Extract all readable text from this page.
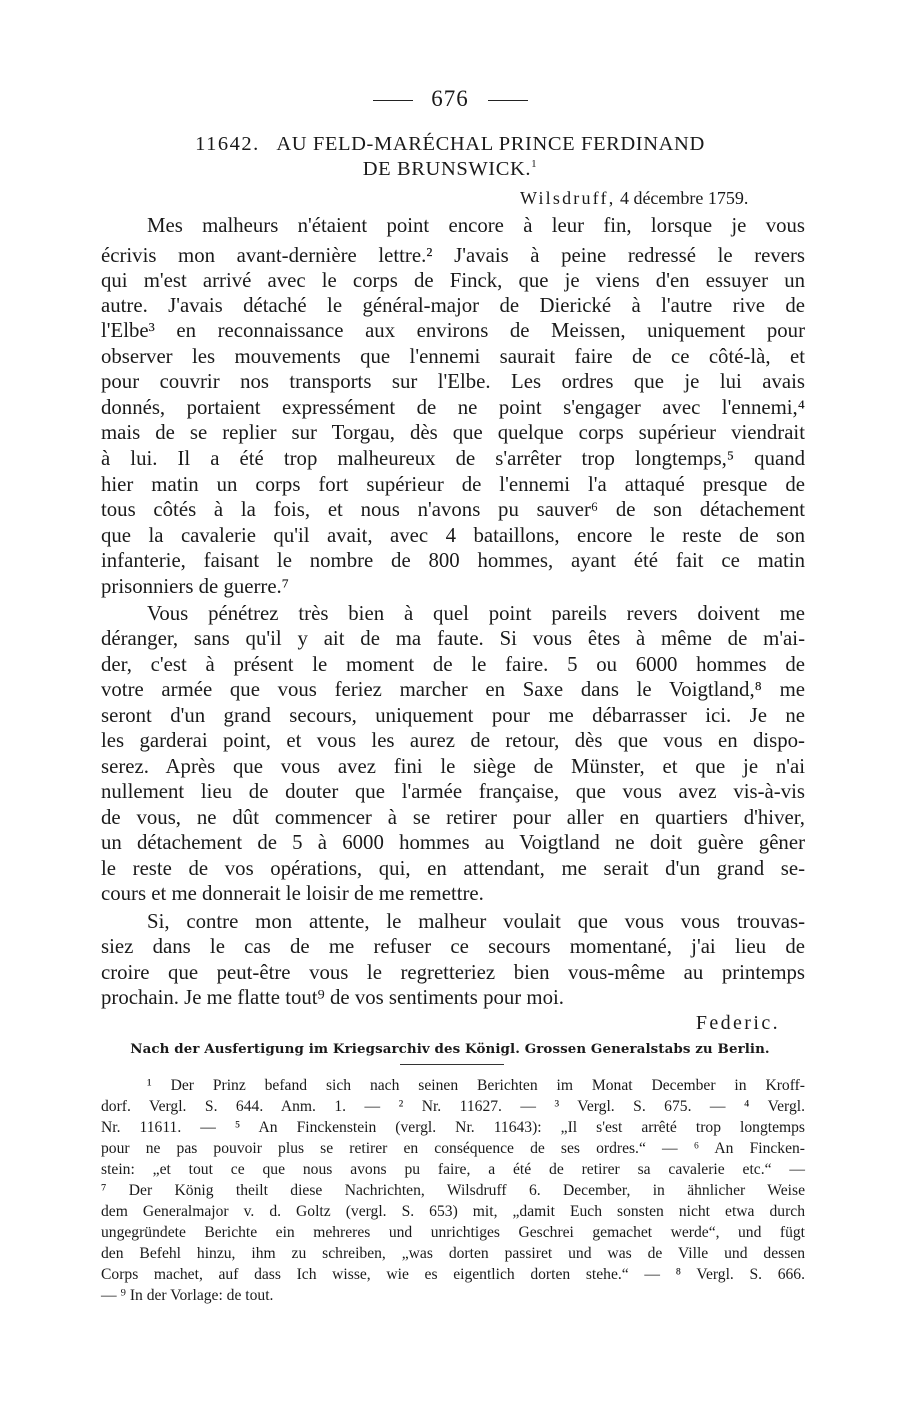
676
11642. AU FELD-MARÉCHAL PRINCE FERDINAND
DE BRUNSWICK.$^1$
Wilsdruff, 4 décembre 1759.
Mes malheurs n'étaient point encore à leur fin, lorsque je vous
écrivis mon avant-dernière lettre.² J'avais à peine redressé le revers
qui m'est arrivé avec le corps de Finck, que je viens d'en essuyer un
autre. J'avais détaché le général-major de Dierické à l'autre rive de
l'Elbe³ en reconnaissance aux environs de Meissen, uniquement pour
observer les mouvements que l'ennemi saurait faire de ce côté-là, et
pour couvrir nos transports sur l'Elbe. Les ordres que je lui avais
donnés, portaient expressément de ne point s'engager avec l'ennemi,⁴
mais de se replier sur Torgau, dès que quelque corps supérieur viendrait
à lui. Il a été trop malheureux de s'arrêter trop longtemps,⁵ quand
hier matin un corps fort supérieur de l'ennemi l'a attaqué presque de
tous côtés à la fois, et nous n'avons pu sauver⁶ de son détachement
que la cavalerie qu'il avait, avec 4 bataillons, encore le reste de son
infanterie, faisant le nombre de 800 hommes, ayant été fait ce matin
prisonniers de guerre.⁷
Vous pénétrez très bien à quel point pareils revers doivent me
déranger, sans qu'il y ait de ma faute. Si vous êtes à même de m'ai-
der, c'est à présent le moment de le faire. 5 ou 6000 hommes de
votre armée que vous feriez marcher en Saxe dans le Voigtland,⁸ me
seront d'un grand secours, uniquement pour me débarrasser ici. Je ne
les garderai point, et vous les aurez de retour, dès que vous en dispo-
serez. Après que vous avez fini le siège de Münster, et que je n'ai
nullement lieu de douter que l'armée française, que vous avez vis-à-vis
de vous, ne dût commencer à se retirer pour aller en quartiers d'hiver,
un détachement de 5 à 6000 hommes au Voigtland ne doit guère gêner
le reste de vos opérations, qui, en attendant, me serait d'un grand se-
cours et me donnerait le loisir de me remettre.
Si, contre mon attente, le malheur voulait que vous vous trouvas-
siez dans le cas de me refuser ce secours momentané, j'ai lieu de
croire que peut-être vous le regretteriez bien vous-même au printemps
prochain. Je me flatte tout⁹ de vos sentiments pour moi.
Federic.
Nach der Ausfertigung im Kriegsarchiv des Königl. Grossen Generalstabs zu Berlin.
¹ Der Prinz befand sich nach seinen Berichten im Monat December in Kroff-
dorf. Vergl. S. 644. Anm. 1. — ² Nr. 11627. — ³ Vergl. S. 675. — ⁴ Vergl.
Nr. 11611. — ⁵ An Finckenstein (vergl. Nr. 11643): „Il s'est arrêté trop longtemps
pour ne pas pouvoir plus se retirer en conséquence de ses ordres.“ — ⁶ An Fincken-
stein: „et tout ce que nous avons pu faire, a été de retirer sa cavalerie etc.“ —
⁷ Der König theilt diese Nachrichten, Wilsdruff 6. December, in ähnlicher Weise
dem Generalmajor v. d. Goltz (vergl. S. 653) mit, „damit Euch sonsten nicht etwa durch
ungegründete Berichte ein mehreres und unrichtiges Geschrei gemachet werde“, und fügt
den Befehl hinzu, ihm zu schreiben, „was dorten passiret und was de Ville und dessen
Corps machet, auf dass Ich wisse, wie es eigentlich dorten stehe.“ — ⁸ Vergl. S. 666.
— ⁹ In der Vorlage: de tout.
